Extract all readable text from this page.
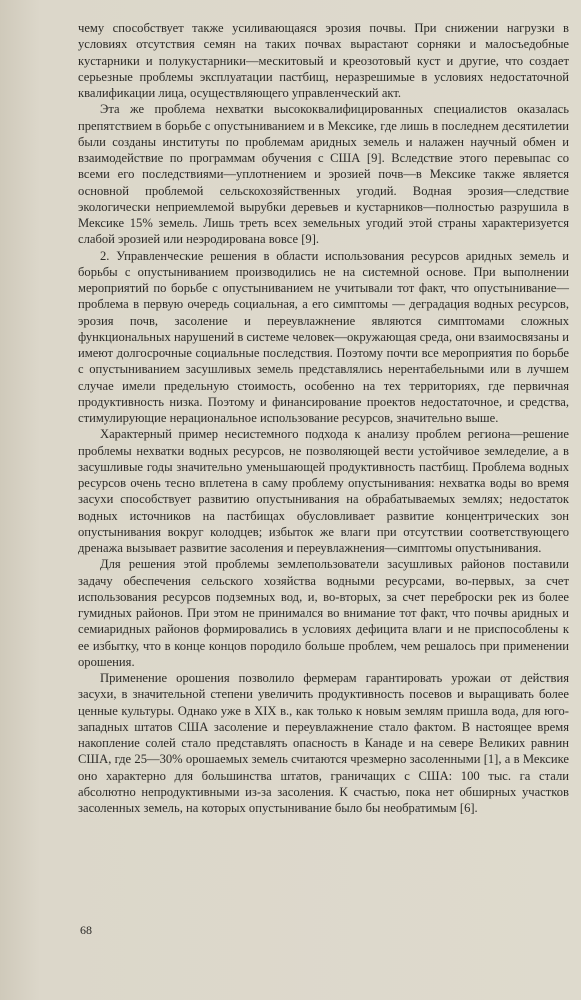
чему способствует также усиливающаяся эрозия почвы. При снижении нагрузки в условиях отсутствия семян на таких почвах вырастают сорняки и малосъедобные кустарники и полукустарники—мескитовый и креозотовый куст и другие, что создает серьезные проблемы эксплуатации пастбищ, неразрешимые в условиях недостаточной квалификации лица, осуществляющего управленческий акт.

Эта же проблема нехватки высококвалифицированных специалистов оказалась препятствием в борьбе с опустыниванием и в Мексике, где лишь в последнем десятилетии были созданы институты по проблемам аридных земель и налажен научный обмен и взаимодействие по программам обучения с США [9]. Вследствие этого перевыпас со всеми его последствиями—уплотнением и эрозией почв—в Мексике также является основной проблемой сельскохозяйственных угодий. Водная эрозия—следствие экологически неприемлемой вырубки деревьев и кустарников—полностью разрушила в Мексике 15% земель. Лишь треть всех земельных угодий этой страны характеризуется слабой эрозией или неэродирована вовсе [9].

2. Управленческие решения в области использования ресурсов аридных земель и борьбы с опустыниванием производились не на системной основе. При выполнении мероприятий по борьбе с опустыниванием не учитывали тот факт, что опустынивание—проблема в первую очередь социальная, а его симптомы — деградация водных ресурсов, эрозия почв, засоление и переувлажнение являются симптомами сложных функциональных нарушений в системе человек—окружающая среда, они взаимосвязаны и имеют долгосрочные социальные последствия. Поэтому почти все мероприятия по борьбе с опустыниванием засушливых земель представлялись нерентабельными или в лучшем случае имели предельную стоимость, особенно на тех территориях, где первичная продуктивность низка. Поэтому и финансирование проектов недостаточное, и средства, стимулирующие нерациональное использование ресурсов, значительно выше.

Характерный пример несистемного подхода к анализу проблем региона—решение проблемы нехватки водных ресурсов, не позволяющей вести устойчивое земледелие, а в засушливые годы значительно уменьшающей продуктивность пастбищ. Проблема водных ресурсов очень тесно вплетена в саму проблему опустынивания: нехватка воды во время засухи способствует развитию опустынивания на обрабатываемых землях; недостаток водных источников на пастбищах обусловливает развитие концентрических зон опустынивания вокруг колодцев; избыток же влаги при отсутствии соответствующего дренажа вызывает развитие засоления и переувлажнения—симптомы опустынивания.

Для решения этой проблемы землепользователи засушливых районов поставили задачу обеспечения сельского хозяйства водными ресурсами, во-первых, за счет использования ресурсов подземных вод, и, во-вторых, за счет переброски рек из более гумидных районов. При этом не принимался во внимание тот факт, что почвы аридных и семиаридных районов формировались в условиях дефицита влаги и не приспособлены к ее избытку, что в конце концов породило больше проблем, чем решалось при применении орошения.

Применение орошения позволило фермерам гарантировать урожаи от действия засухи, в значительной степени увеличить продуктивность посевов и выращивать более ценные культуры. Однако уже в XIX в., как только к новым землям пришла вода, для юго-западных штатов США засоление и переувлажнение стало фактом. В настоящее время накопление солей стало представлять опасность в Канаде и на севере Великих равнин США, где 25—30% орошаемых земель считаются чрезмерно засоленными [1], а в Мексике оно характерно для большинства штатов, граничащих с США: 100 тыс. га стали абсолютно непродуктивными из-за засоления. К счастью, пока нет обширных участков засоленных земель, на которых опустынивание было бы необратимым [6].

68
